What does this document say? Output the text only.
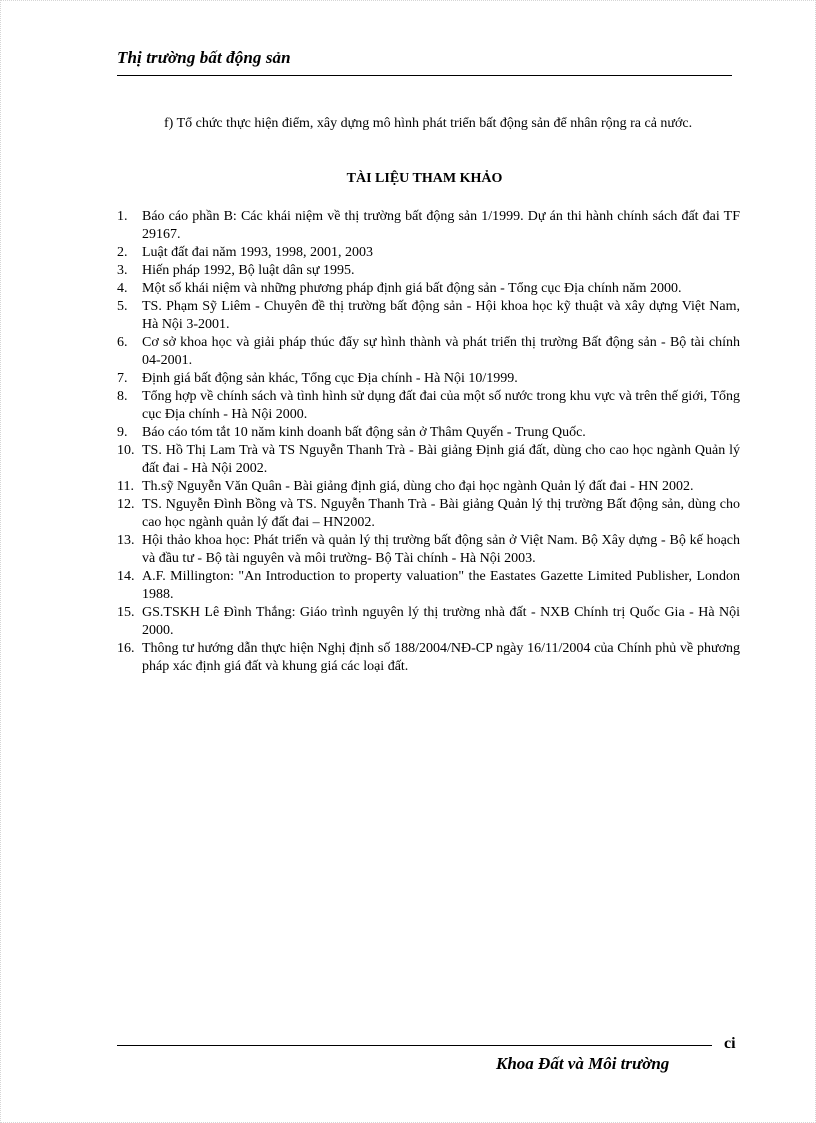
Thị trường bất động sản

f) Tổ chức thực hiện điểm, xây dựng mô hình phát triển bất động sản để nhân rộng ra cả nước.

TÀI LIỆU THAM KHẢO
1. Báo cáo phần B: Các khái niệm về thị trường bất động sản 1/1999. Dự án thi hành chính sách đất đai TF 29167.
2. Luật đất đai năm 1993, 1998, 2001, 2003
3. Hiến pháp 1992, Bộ luật dân sự 1995.
4. Một số khái niệm và những phương pháp định giá bất động sản - Tổng cục Địa chính năm 2000.
5. TS. Phạm Sỹ Liêm - Chuyên đề thị trường bất động sản - Hội khoa học kỹ thuật và xây dựng Việt Nam, Hà Nội 3-2001.
6. Cơ sở khoa học và giải pháp thúc đẩy sự hình thành và phát triển thị trường Bất động sản - Bộ tài chính 04-2001.
7. Định giá bất động sản khác, Tổng cục Địa chính - Hà Nội 10/1999.
8. Tổng hợp về chính sách và tình hình sử dụng đất đai của một số nước trong khu vực và trên thế giới, Tổng cục Địa chính - Hà Nội 2000.
9. Báo cáo tóm tắt 10 năm kinh doanh bất động sản ở Thâm Quyến - Trung Quốc.
10. TS. Hồ Thị Lam Trà và TS Nguyễn Thanh Trà - Bài giảng Định giá đất, dùng cho cao học ngành Quản lý đất đai - Hà Nội 2002.
11. Th.sỹ Nguyễn Văn Quân - Bài giảng định giá, dùng cho đại học ngành Quản lý đất đai - HN 2002.
12. TS. Nguyễn Đình Bồng và TS. Nguyễn Thanh Trà - Bài giảng Quản lý thị trường Bất động sản, dùng cho cao học ngành quản lý đất đai – HN2002.
13. Hội thảo khoa học: Phát triển và quản lý thị trường bất động sản ở Việt Nam. Bộ Xây dựng - Bộ kế hoạch và đầu tư - Bộ tài nguyên và môi trường- Bộ Tài chính - Hà Nội 2003.
14. A.F. Millington: "An Introduction to property valuation" the Eastates Gazette Limited Publisher, London 1988.
15. GS.TSKH Lê Đình Thắng: Giáo trình nguyên lý thị trường nhà đất - NXB Chính trị Quốc Gia - Hà Nội 2000.
16. Thông tư hướng dẫn thực hiện Nghị định số 188/2004/NĐ-CP ngày 16/11/2004 của Chính phủ về phương pháp xác định giá đất và khung giá các loại đất.
ci
Khoa Đất và Môi trường
